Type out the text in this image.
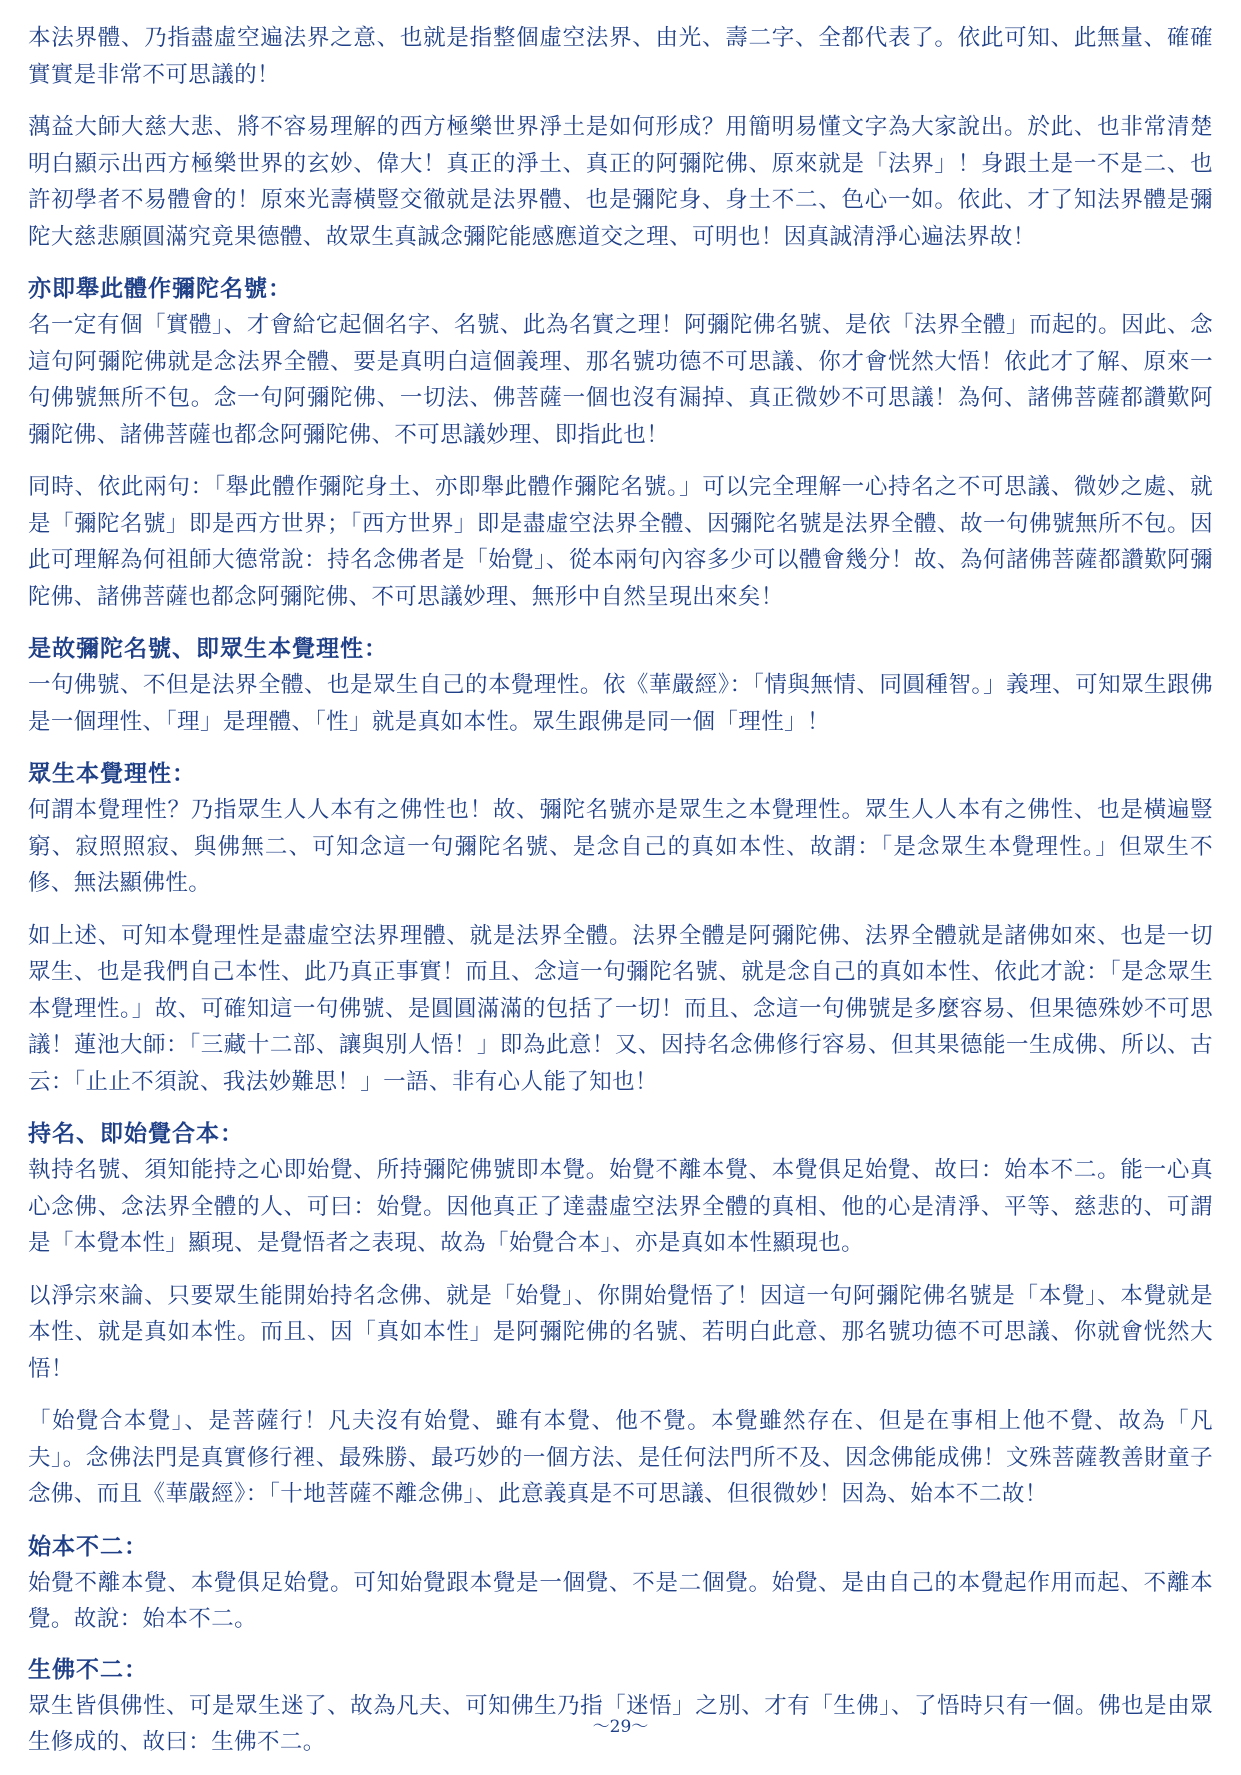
本法界體、乃指盡虛空遍法界之意、也就是指整個虛空法界、由光、壽二字、全都代表了。依此可知、此無量、確確實實是非常不可思議的！

蕅益大師大慈大悲、將不容易理解的西方極樂世界淨土是如何形成？用簡明易懂文字為大家說出。於此、也非常清楚明白顯示出西方極樂世界的玄妙、偉大！真正的淨土、真正的阿彌陀佛、原來就是「法界」！身跟土是一不是二、也許初學者不易體會的！原來光壽橫豎交徹就是法界體、也是彌陀身、身土不二、色心一如。依此、才了知法界體是彌陀大慈悲願圓滿究竟果德體、故眾生真誠念彌陀能感應道交之理、可明也！因真誠清淨心遍法界故！

亦即舉此體作彌陀名號：

名一定有個「實體」、才會給它起個名字、名號、此為名實之理！阿彌陀佛名號、是依「法界全體」而起的。因此、念這句阿彌陀佛就是念法界全體、要是真明白這個義理、那名號功德不可思議、你才會恍然大悟！依此才了解、原來一句佛號無所不包。念一句阿彌陀佛、一切法、佛菩薩一個也沒有漏掉、真正微妙不可思議！為何、諸佛菩薩都讚歎阿彌陀佛、諸佛菩薩也都念阿彌陀佛、不可思議妙理、即指此也！

同時、依此兩句：「舉此體作彌陀身土、亦即舉此體作彌陀名號。」可以完全理解一心持名之不可思議、微妙之處、就是「彌陀名號」即是西方世界；「西方世界」即是盡虛空法界全體、因彌陀名號是法界全體、故一句佛號無所不包。因此可理解為何祖師大德常說：持名念佛者是「始覺」、從本兩句內容多少可以體會幾分！故、為何諸佛菩薩都讚歎阿彌陀佛、諸佛菩薩也都念阿彌陀佛、不可思議妙理、無形中自然呈現出來矣！

是故彌陀名號、即眾生本覺理性：

一句佛號、不但是法界全體、也是眾生自己的本覺理性。依《華嚴經》：「情與無情、同圓種智。」義理、可知眾生跟佛是一個理性、「理」是理體、「性」就是真如本性。眾生跟佛是同一個「理性」！

眾生本覺理性：

何謂本覺理性？乃指眾生人人本有之佛性也！故、彌陀名號亦是眾生之本覺理性。眾生人人本有之佛性、也是橫遍豎窮、寂照照寂、與佛無二、可知念這一句彌陀名號、是念自己的真如本性、故謂：「是念眾生本覺理性。」但眾生不修、無法顯佛性。

如上述、可知本覺理性是盡虛空法界理體、就是法界全體。法界全體是阿彌陀佛、法界全體就是諸佛如來、也是一切眾生、也是我們自己本性、此乃真正事實！而且、念這一句彌陀名號、就是念自己的真如本性、依此才說：「是念眾生本覺理性。」故、可確知這一句佛號、是圓圓滿滿的包括了一切！而且、念這一句佛號是多麼容易、但果德殊妙不可思議！蓮池大師：「三藏十二部、讓與別人悟！」即為此意！又、因持名念佛修行容易、但其果德能一生成佛、所以、古云：「止止不須說、我法妙難思！」一語、非有心人能了知也！

持名、即始覺合本：

執持名號、須知能持之心即始覺、所持彌陀佛號即本覺。始覺不離本覺、本覺俱足始覺、故曰：始本不二。能一心真心念佛、念法界全體的人、可曰：始覺。因他真正了達盡虛空法界全體的真相、他的心是清淨、平等、慈悲的、可謂是「本覺本性」顯現、是覺悟者之表現、故為「始覺合本」、亦是真如本性顯現也。

以淨宗來論、只要眾生能開始持名念佛、就是「始覺」、你開始覺悟了！因這一句阿彌陀佛名號是「本覺」、本覺就是本性、就是真如本性。而且、因「真如本性」是阿彌陀佛的名號、若明白此意、那名號功德不可思議、你就會恍然大悟！

「始覺合本覺」、是菩薩行！凡夫沒有始覺、雖有本覺、他不覺。本覺雖然存在、但是在事相上他不覺、故為「凡夫」。念佛法門是真實修行裡、最殊勝、最巧妙的一個方法、是任何法門所不及、因念佛能成佛！文殊菩薩教善財童子念佛、而且《華嚴經》：「十地菩薩不離念佛」、此意義真是不可思議、但很微妙！因為、始本不二故！

始本不二：

始覺不離本覺、本覺俱足始覺。可知始覺跟本覺是一個覺、不是二個覺。始覺、是由自己的本覺起作用而起、不離本覺。故說：始本不二。

生佛不二：

眾生皆俱佛性、可是眾生迷了、故為凡夫、可知佛生乃指「迷悟」之別、才有「生佛」、了悟時只有一個。佛也是由眾生修成的、故曰：生佛不二。

～29～
